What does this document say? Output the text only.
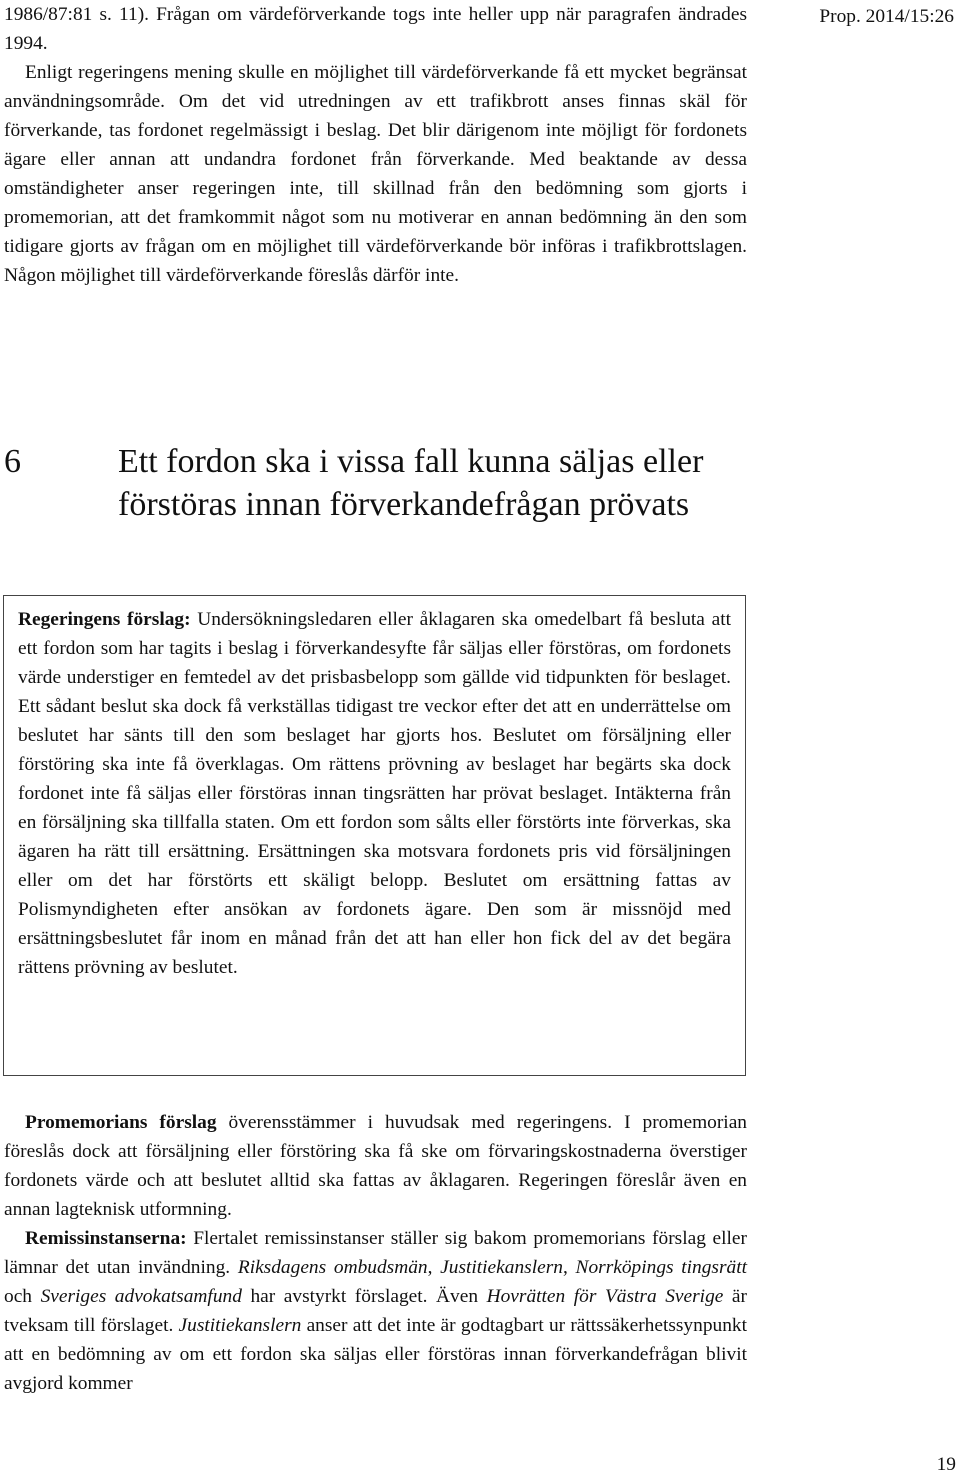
Prop. 2014/15:26

1986/87:81 s. 11). Frågan om värdeförverkande togs inte heller upp när paragrafen ändrades 1994.

Enligt regeringens mening skulle en möjlighet till värdeförverkande få ett mycket begränsat användningsområde. Om det vid utredningen av ett trafikbrott anses finnas skäl för förverkande, tas fordonet regelmässigt i beslag. Det blir därigenom inte möjligt för fordonets ägare eller annan att undandra fordonet från förverkande. Med beaktande av dessa omständigheter anser regeringen inte, till skillnad från den bedömning som gjorts i promemorian, att det framkommit något som nu motiverar en annan bedömning än den som tidigare gjorts av frågan om en möjlighet till värdeförverkande bör införas i trafikbrottslagen. Någon möjlighet till värdeförverkande föreslås därför inte.

6	Ett fordon ska i vissa fall kunna säljas eller förstöras innan förverkandefrågan prövats

Regeringens förslag: Undersökningsledaren eller åklagaren ska omedelbart få besluta att ett fordon som har tagits i beslag i förverkandesyfte får säljas eller förstöras, om fordonets värde understiger en femtedel av det prisbasbelopp som gällde vid tidpunkten för beslaget. Ett sådant beslut ska dock få verkställas tidigast tre veckor efter det att en underrättelse om beslutet har sänts till den som beslaget har gjorts hos. Beslutet om försäljning eller förstöring ska inte få överklagas. Om rättens prövning av beslaget har begärts ska dock fordonet inte få säljas eller förstöras innan tingsrätten har prövat beslaget. Intäkterna från en försäljning ska tillfalla staten. Om ett fordon som sålts eller förstörts inte förverkas, ska ägaren ha rätt till ersättning. Ersättningen ska motsvara fordonets pris vid försäljningen eller om det har förstörts ett skäligt belopp. Beslutet om ersättning fattas av Polismyndigheten efter ansökan av fordonets ägare. Den som är missnöjd med ersättningsbeslutet får inom en månad från det att han eller hon fick del av det begära rättens prövning av beslutet.

Promemorians förslag överensstämmer i huvudsak med regeringens. I promemorian föreslås dock att försäljning eller förstöring ska få ske om förvaringskostnaderna överstiger fordonets värde och att beslutet alltid ska fattas av åklagaren. Regeringen föreslår även en annan lagteknisk utformning.

Remissinstanserna: Flertalet remissinstanser ställer sig bakom promemorians förslag eller lämnar det utan invändning. Riksdagens ombudsmän, Justitiekanslern, Norrköpings tingsrätt och Sveriges advokatsamfund har avstyrkt förslaget. Även Hovrätten för Västra Sverige är tveksam till förslaget. Justitiekanslern anser att det inte är godtagbart ur rättssäkerhetssynpunkt att en bedömning av om ett fordon ska säljas eller förstöras innan förverkandefrågan blivit avgjord kommer

19
